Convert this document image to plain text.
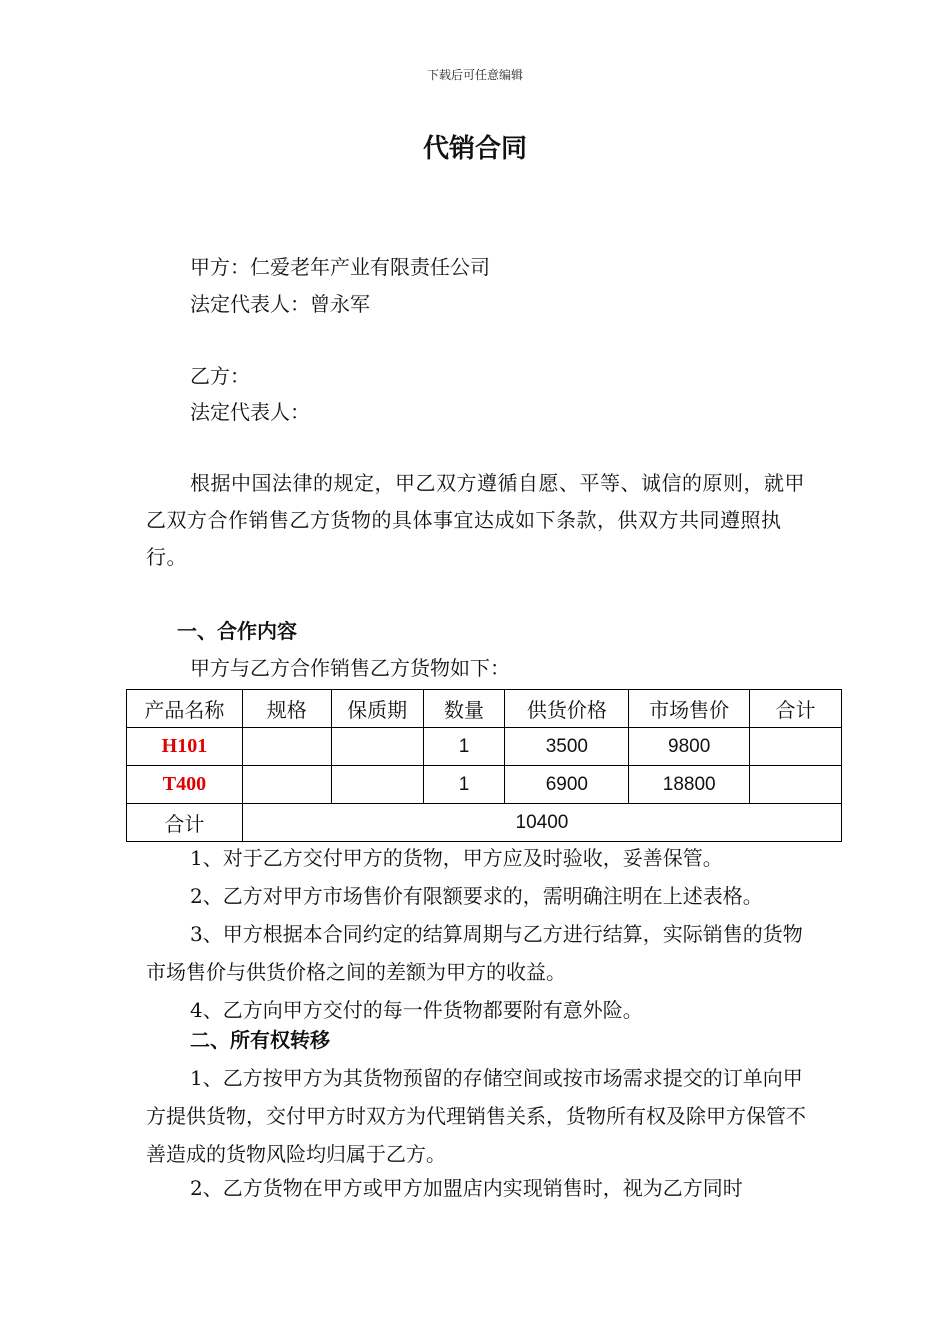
下载后可任意编辑
代销合同
甲方：仁爱老年产业有限责任公司
法定代表人：曾永军
乙方：
法定代表人：
根据中国法律的规定，甲乙双方遵循自愿、平等、诚信的原则，就甲乙双方合作销售乙方货物的具体事宜达成如下条款，供双方共同遵照执行。
一、合作内容
甲方与乙方合作销售乙方货物如下：
产品名称	规格	保质期	数量	供货价格	市场售价	合计
H101			1	3500	9800	
T400			1	6900	18800	
合计	10400					
1、对于乙方交付甲方的货物，甲方应及时验收，妥善保管。
2、乙方对甲方市场售价有限额要求的，需明确注明在上述表格。
3、甲方根据本合同约定的结算周期与乙方进行结算，实际销售的货物市场售价与供货价格之间的差额为甲方的收益。
4、乙方向甲方交付的每一件货物都要附有意外险。
二、所有权转移
1、乙方按甲方为其货物预留的存储空间或按市场需求提交的订单向甲方提供货物，交付甲方时双方为代理销售关系，货物所有权及除甲方保管不善造成的货物风险均归属于乙方。
2、乙方货物在甲方或甲方加盟店内实现销售时，视为乙方同时
